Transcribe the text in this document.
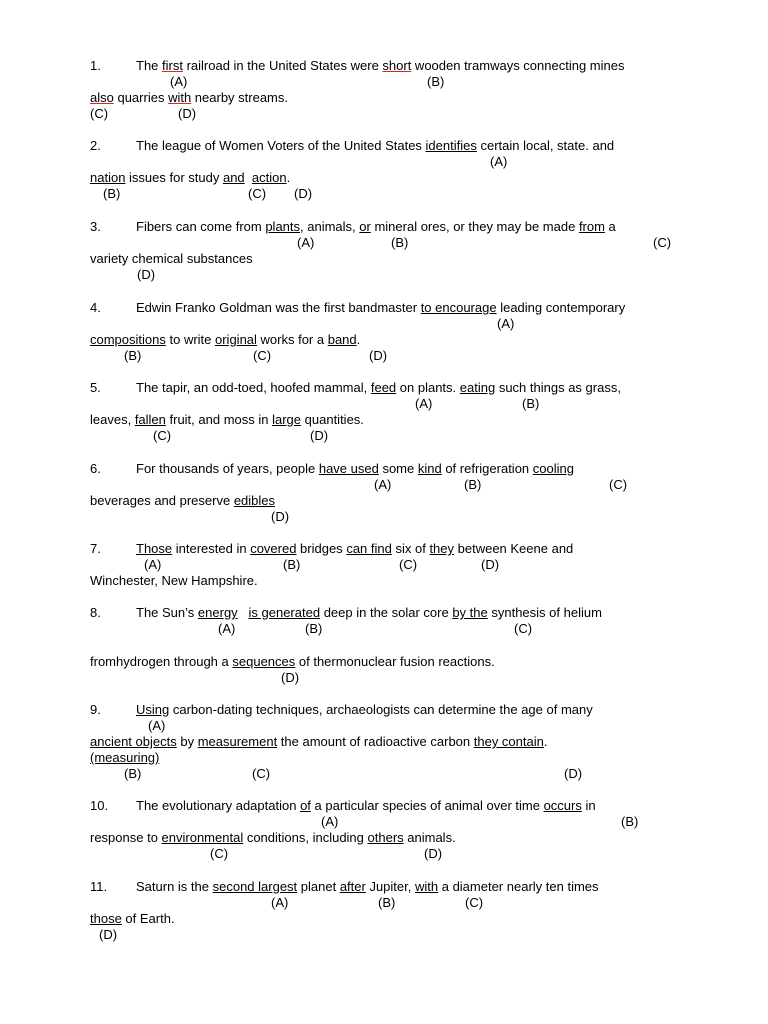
1.	The first railroad in the United States were short wooden tramways connecting mines
(A)	(B)
also quarries with nearby streams.
(C)	(D)
2.	The league of Women Voters of the United States identifies certain local, state. and
(A)
nation issues for study and action.
(B)	(C) (D)
3.	Fibers can come from plants, animals, or mineral ores, or they may be made from a
(A)	(B)	(C)
variety chemical substances
(D)
4.	Edwin Franko Goldman was the first bandmaster to encourage leading contemporary
(A)
compositions to write original works for a band.
(B)	(C)	(D)
5.	The tapir, an odd-toed, hoofed mammal, feed on plants. eating such things as grass,
(A)	(B)
leaves, fallen fruit, and moss in large quantities.
(C)	(D)
6.	For thousands of years, people have used some kind of refrigeration cooling
(A)	(B)	(C)
beverages and preserve edibles
(D)
7.	Those interested in covered bridges can find six of they between Keene and
(A)	(B)	(C)	(D)
Winchester, New Hampshire.
8.	The Sun’s energy is generated deep in the solar core by the synthesis of helium
(A)	(B)	(C)
fromhydrogen through a sequences of thermonuclear fusion reactions.
(D)
9.	Using carbon-dating techniques, archaeologists can determine the age of many
(A)
ancient objects by measurement the amount of radioactive carbon they contain.
(measuring)
(B)	(C)	(D)
10. The evolutionary adaptation of a particular species of animal over time occurs in
(A)	(B)
response to environmental conditions, including others animals.
(C)	(D)
11. Saturn is the second largest planet after Jupiter, with a diameter nearly ten times
(A)	(B)	(C)
those of Earth.
(D)
